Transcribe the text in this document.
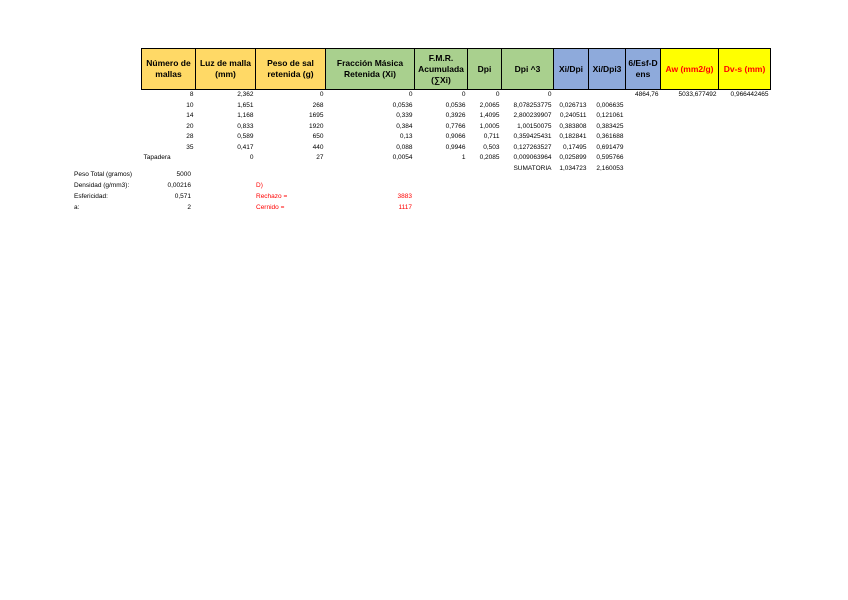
Número de mallas	Luz de malla (mm)	Peso de sal retenida (g)	Fracción Másica Retenida (Xi)	F.M.R. Acumulada (∑Xi)	Dpi	Dpi ^3	Xi/Dpi	Xi/Dpi3	6/Esf-D ens	Aw (mm2/g)	Dv-s (mm)
8	2,362	0	0	0	0	0			4864,76	5033,677492	0,966442465
10	1,651	268	0,0536	0,0536	2,0065	8,078253775	0,026713	0,006635			
14	1,168	1695	0,339	0,3926	1,4095	2,800239907	0,240511	0,121061			
20	0,833	1920	0,384	0,7766	1,0005	1,00150075	0,383808	0,383425			
28	0,589	650	0,13	0,9066	0,711	0,359425431	0,182841	0,361688			
35	0,417	440	0,088	0,9946	0,503	0,127263527	0,17495	0,691479			
Tapadera	0	27	0,0054	1	0,2085	0,009063964	0,025899	0,595766			
						SUMATORIA	1,034723	2,160053			
Peso Total (gramos)	5000
Densidad (g/mm3):	0,00216
Esfericidad:	0,571
a:	2
D)
Rechazo =	3883
Cernido =	1117
